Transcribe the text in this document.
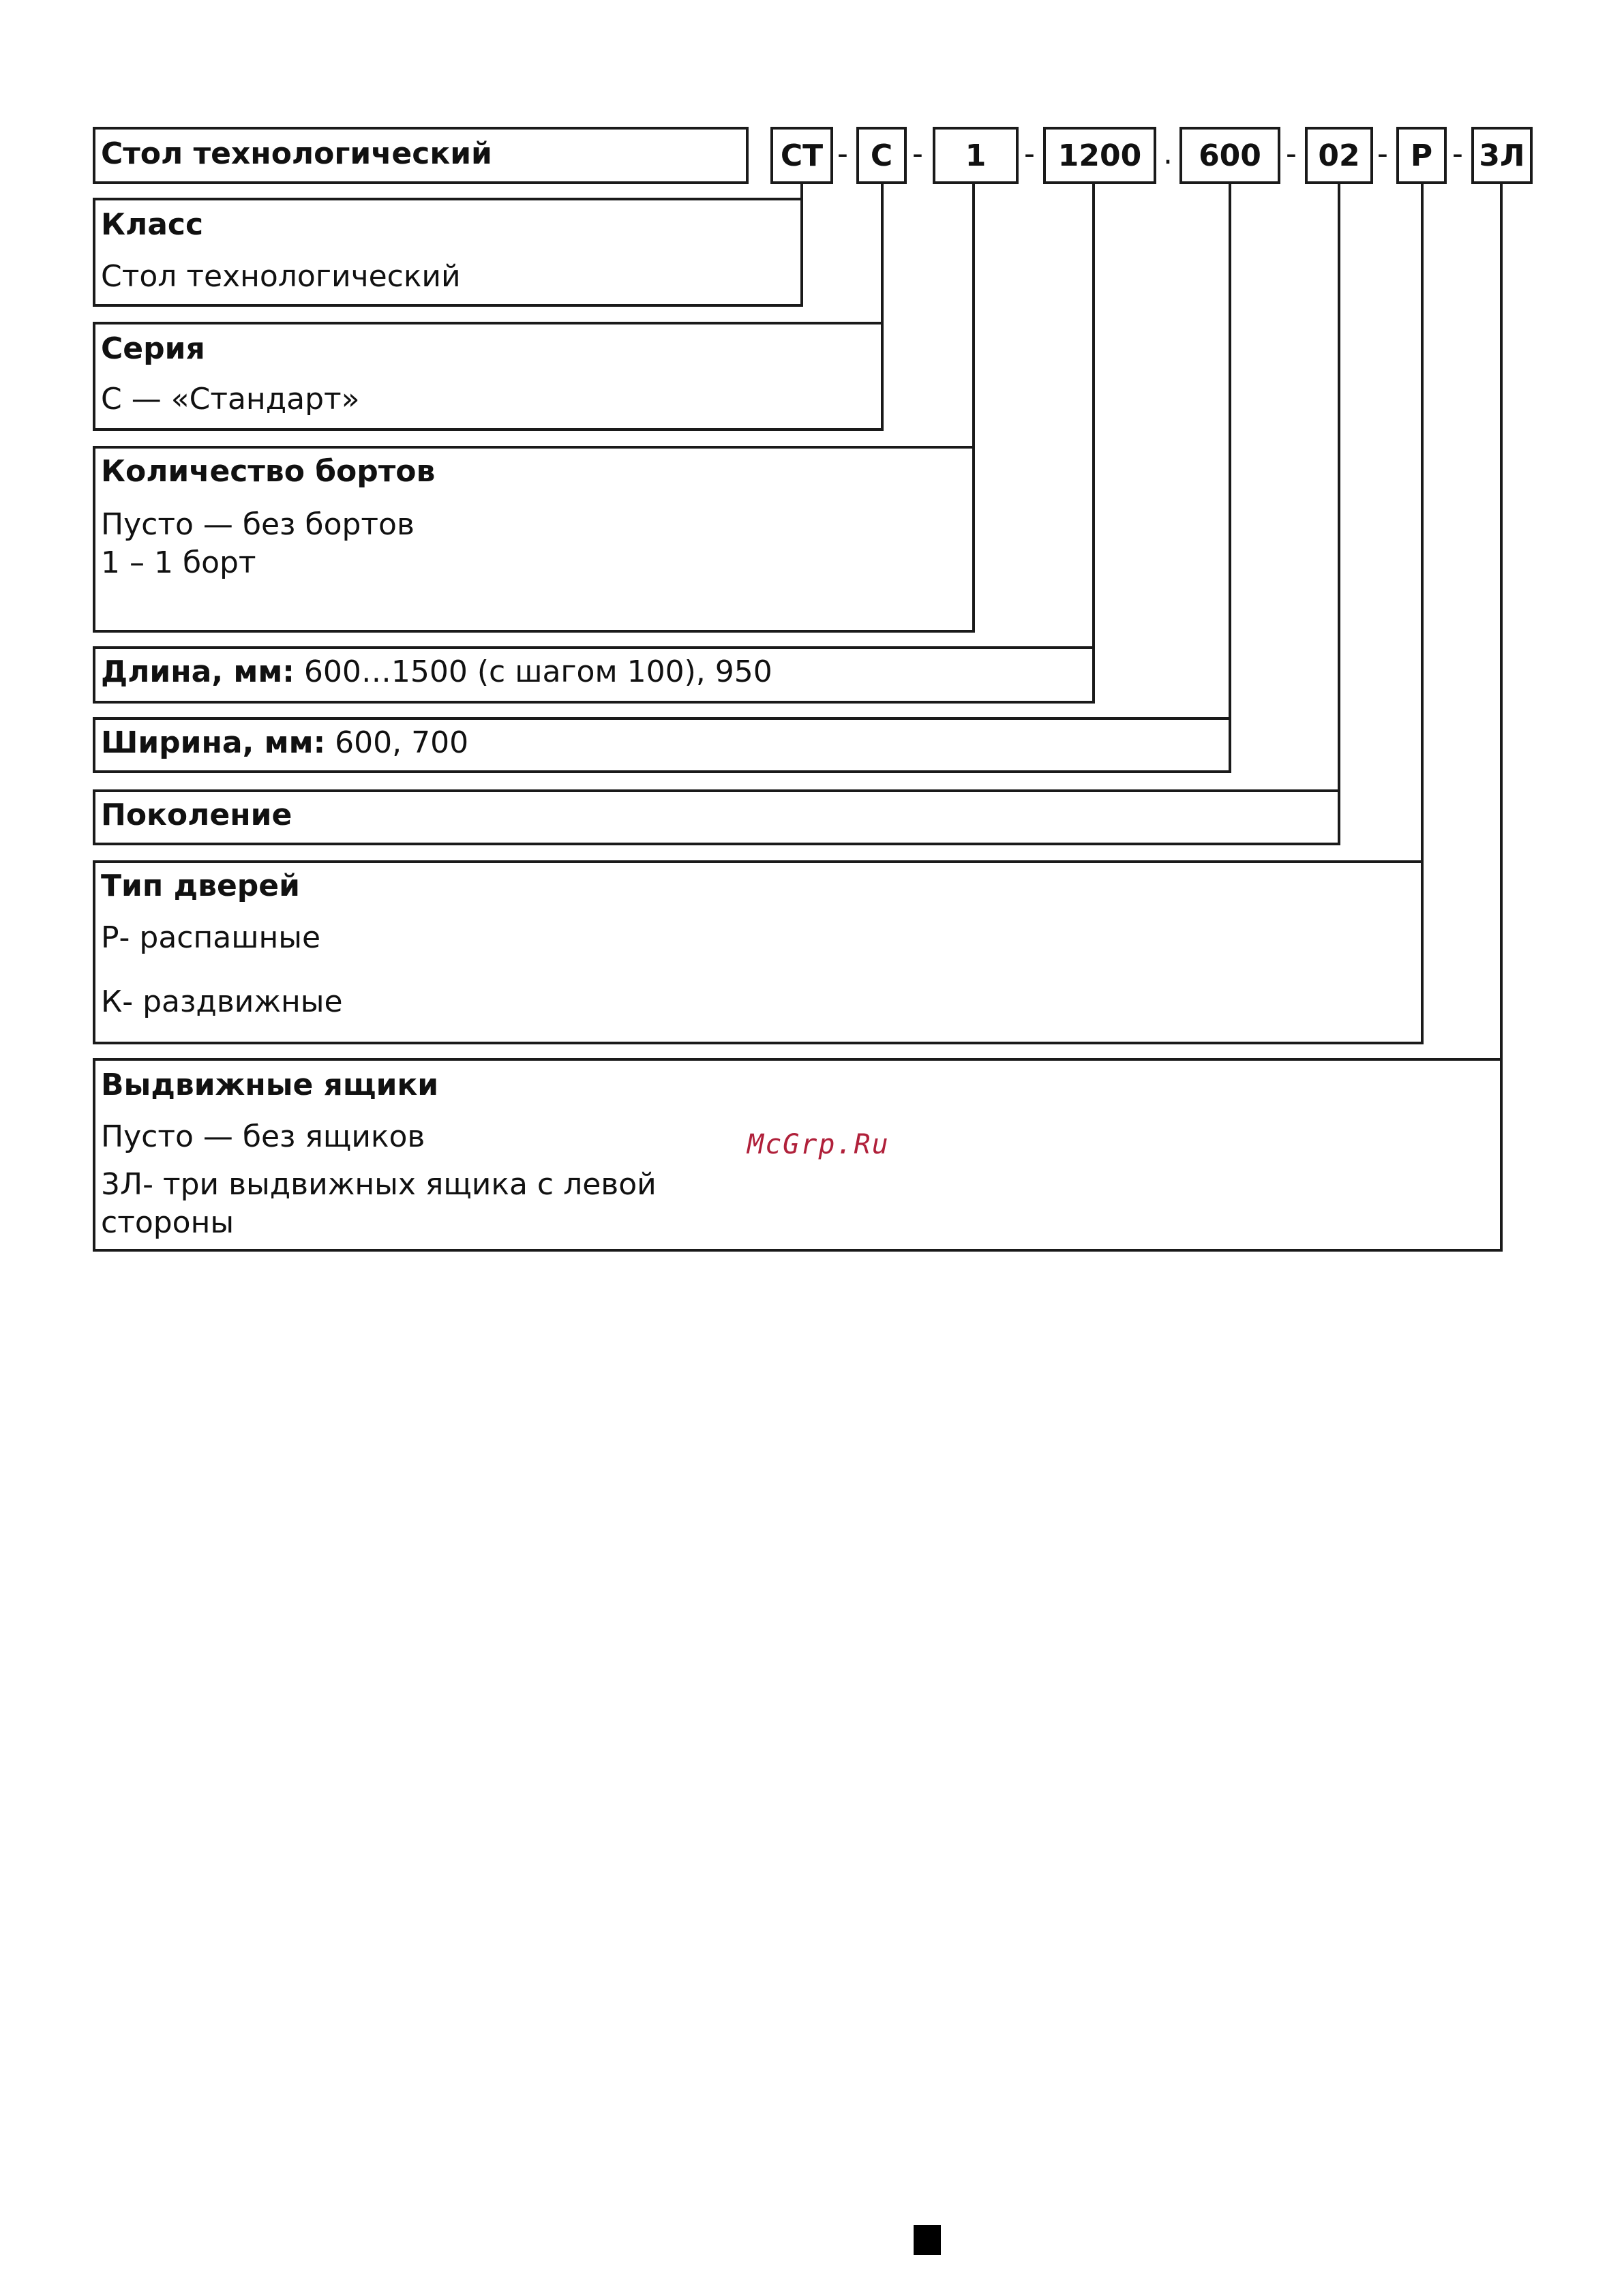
Стол технологический	СТ - С -	1	- 1200 . 600 - 02 - Р - 3Л
Класс
Стол технологический
Серия
С — «Стандарт»
Количество бортов
Пусто — без бортов
1 – 1 борт
Длина, мм: 600…1500 (с шагом 100), 950
Ширина, мм: 600, 700
Поколение
Тип дверей
Р- распашные
К- раздвижные
Выдвижные ящики
Пусто — без ящиков
3Л- три выдвижных ящика с левой
стороны
McGrp.Ru
